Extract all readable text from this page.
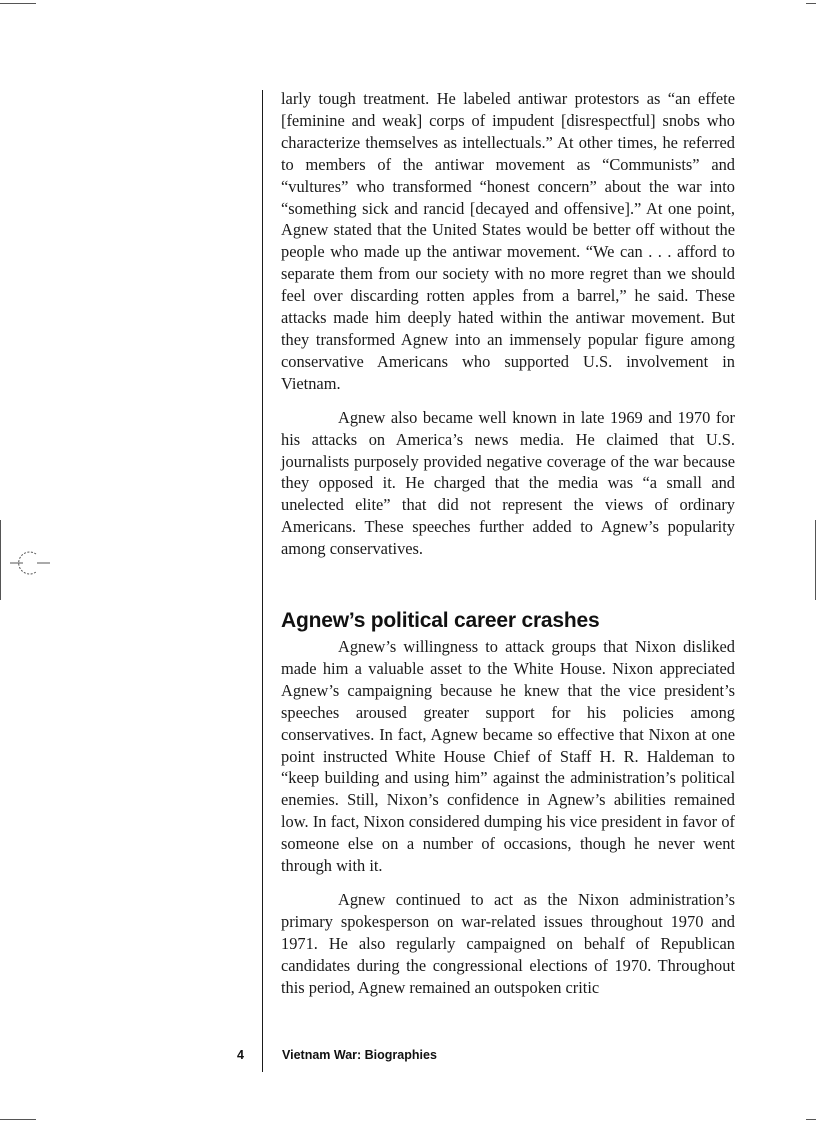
larly tough treatment. He labeled antiwar protestors as “an effete [feminine and weak] corps of impudent [disrespectful] snobs who characterize themselves as intellectuals.” At other times, he referred to members of the antiwar movement as “Communists” and “vultures” who transformed “honest concern” about the war into “something sick and rancid [decayed and offensive].” At one point, Agnew stated that the United States would be better off without the people who made up the antiwar movement. “We can . . . afford to separate them from our society with no more regret than we should feel over discarding rotten apples from a barrel,” he said. These attacks made him deeply hated within the antiwar movement. But they transformed Agnew into an immensely popular figure among conservative Americans who supported U.S. involvement in Vietnam.

Agnew also became well known in late 1969 and 1970 for his attacks on America’s news media. He claimed that U.S. journalists purposely provided negative coverage of the war because they opposed it. He charged that the media was “a small and unelected elite” that did not represent the views of ordinary Americans. These speeches further added to Agnew’s popularity among conservatives.

Agnew’s political career crashes

Agnew’s willingness to attack groups that Nixon disliked made him a valuable asset to the White House. Nixon appreciated Agnew’s campaigning because he knew that the vice president’s speeches aroused greater support for his policies among conservatives. In fact, Agnew became so effective that Nixon at one point instructed White House Chief of Staff H. R. Haldeman to “keep building and using him” against the administration’s political enemies. Still, Nixon’s confidence in Agnew’s abilities remained low. In fact, Nixon considered dumping his vice president in favor of someone else on a number of occasions, though he never went through with it.

Agnew continued to act as the Nixon administration’s primary spokesperson on war-related issues throughout 1970 and 1971. He also regularly campaigned on behalf of Republican candidates during the congressional elections of 1970. Throughout this period, Agnew remained an outspoken critic

4	Vietnam War: Biographies
